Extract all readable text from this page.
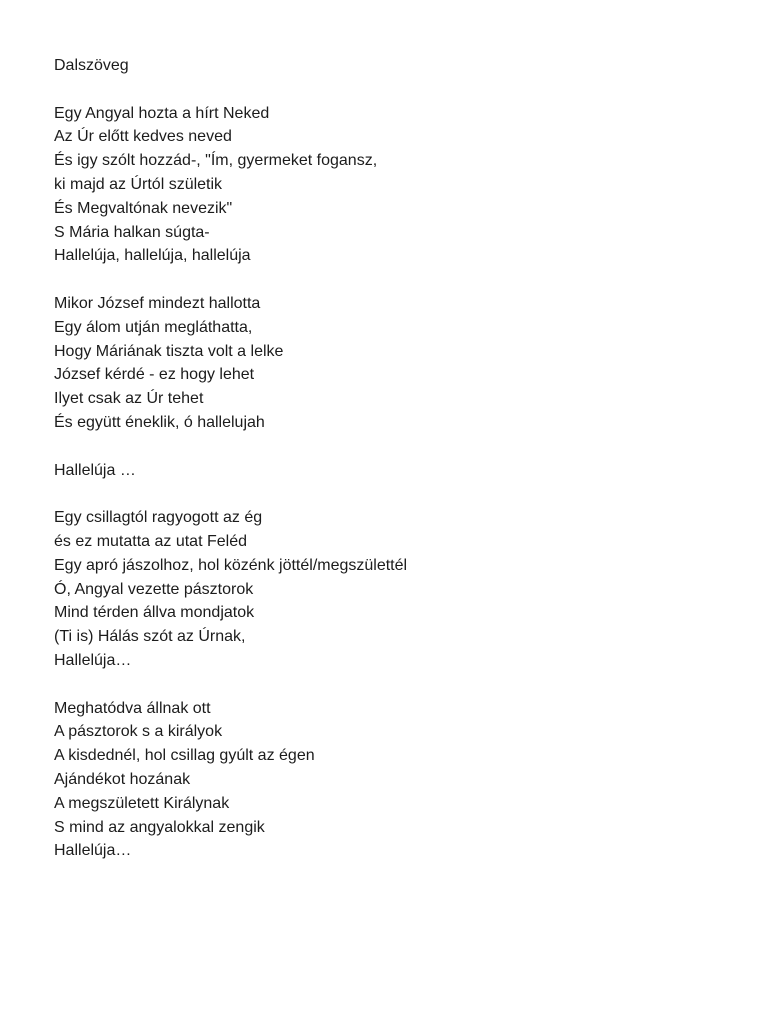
Dalszöveg
Egy Angyal hozta a hírt Neked
Az Úr előtt kedves neved
És igy szólt hozzád-, "Ím, gyermeket fogansz,
ki majd az Úrtól születik
És Megvaltónak nevezik"
S Mária halkan súgta-
Hallelúja, hallelúja, hallelúja
Mikor József mindezt hallotta
Egy álom utján megláthatta,
Hogy Máriának tiszta volt a lelke
József kérdé - ez hogy lehet
Ilyet csak az Úr tehet
És együtt éneklik, ó hallelujah
Hallelúja …
Egy csillagtól ragyogott az ég
és ez mutatta az utat Feléd
Egy apró jászolhoz, hol közénk jöttél/megszülettél
Ó, Angyal vezette pásztorok
Mind térden állva mondjatok
(Ti is) Hálás szót az Úrnak,
Hallelúja…
Meghatódva állnak ott
A pásztorok s a királyok
A kisdednél, hol csillag gyúlt az égen
Ajándékot hozának
A megszületett Királynak
S mind az angyalokkal zengik
Hallelúja…
